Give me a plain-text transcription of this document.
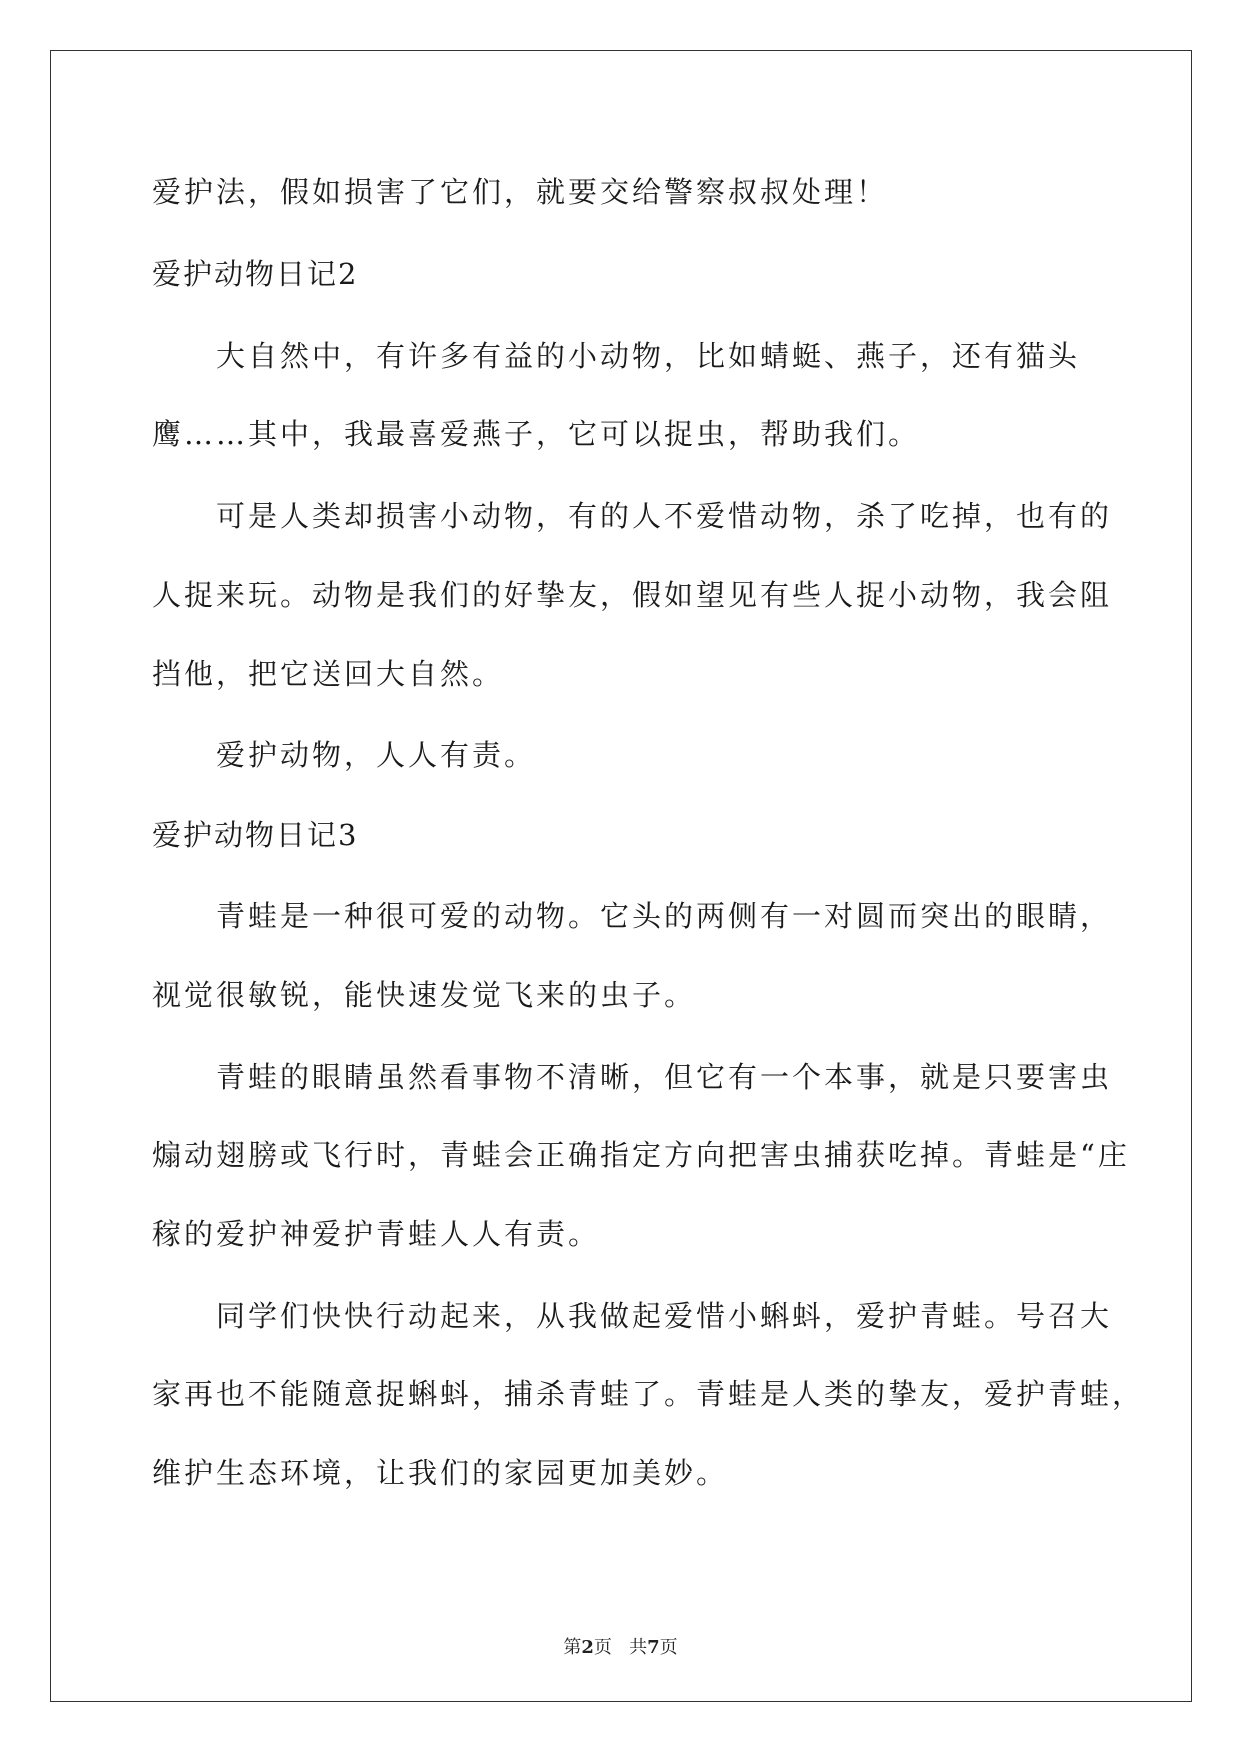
爱护法，假如损害了它们，就要交给警察叔叔处理！
爱护动物日记2
大自然中，有许多有益的小动物，比如蜻蜓、燕子，还有猫头
鹰……其中，我最喜爱燕子，它可以捉虫，帮助我们。
可是人类却损害小动物，有的人不爱惜动物，杀了吃掉，也有的
人捉来玩。动物是我们的好挚友，假如望见有些人捉小动物，我会阻
挡他，把它送回大自然。
爱护动物，人人有责。
爱护动物日记3
青蛙是一种很可爱的动物。它头的两侧有一对圆而突出的眼睛，
视觉很敏锐，能快速发觉飞来的虫子。
青蛙的眼睛虽然看事物不清晰，但它有一个本事，就是只要害虫
煽动翅膀或飞行时，青蛙会正确指定方向把害虫捕获吃掉。青蛙是“庄
稼的爱护神爱护青蛙人人有责。
同学们快快行动起来，从我做起爱惜小蝌蚪，爱护青蛙。号召大
家再也不能随意捉蝌蚪，捕杀青蛙了。青蛙是人类的挚友，爱护青蛙，
维护生态环境，让我们的家园更加美妙。
第2页 共7页
